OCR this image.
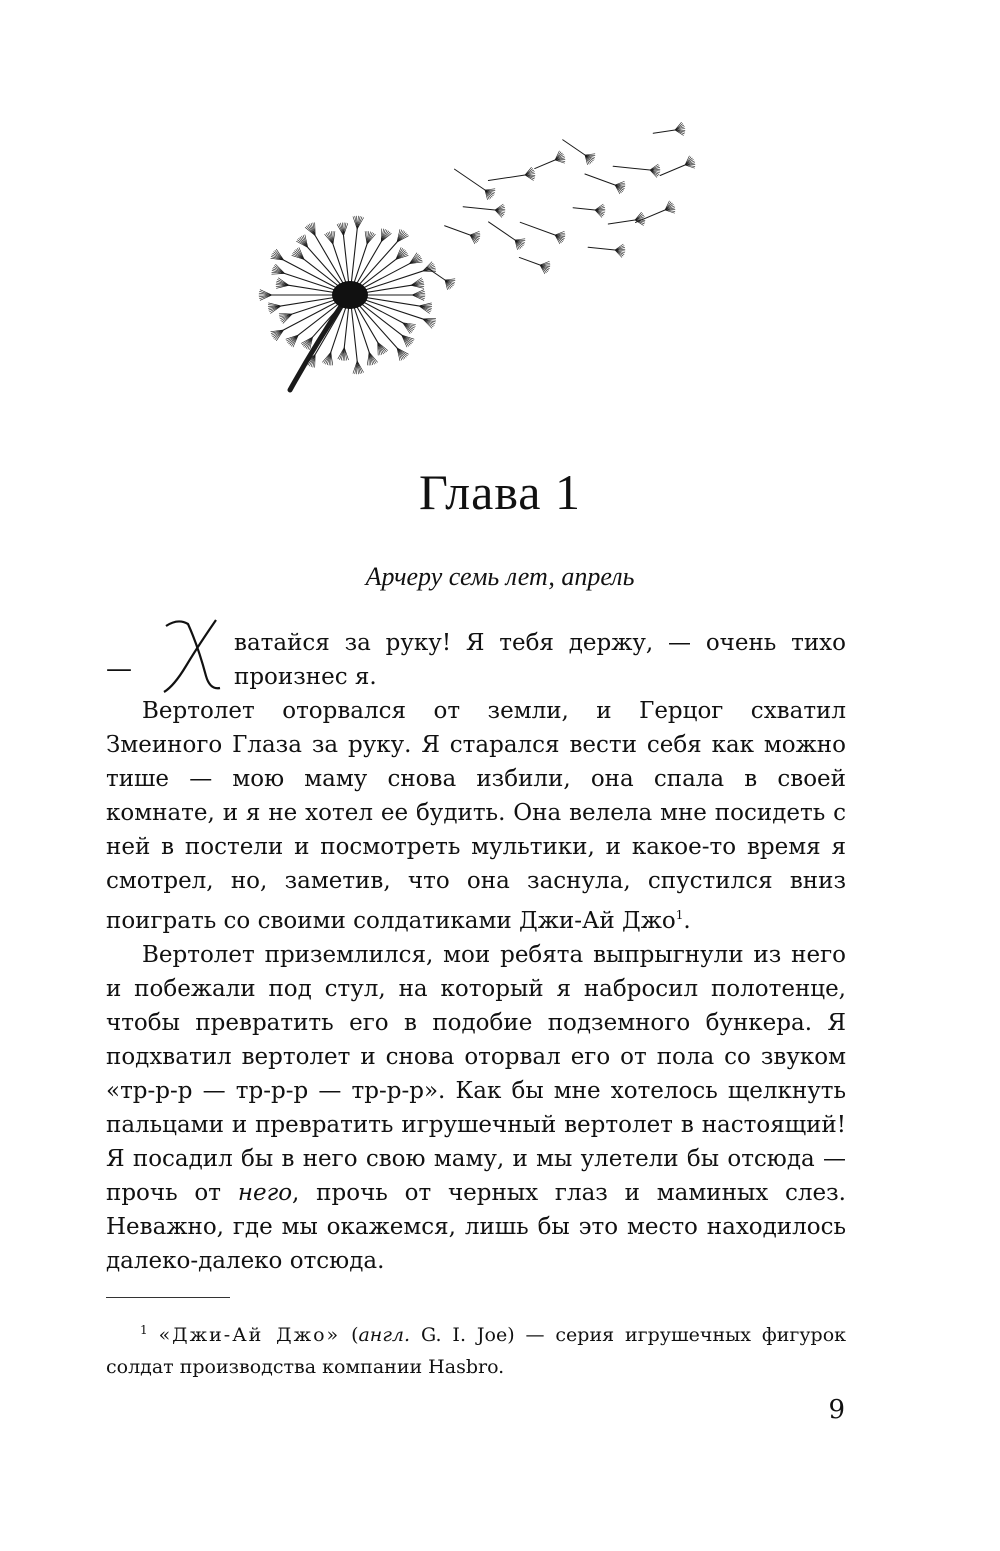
Глава 1
Арчеру семь лет, апрель
—
ватайся за руку! Я тебя держу, — очень тихо
произнес я.

Вертолет оторвался от земли, и Герцог схватил Змеиного Глаза за руку. Я старался вести себя как можно тише — мою маму снова избили, она спала в своей комнате, и я не хотел ее будить. Она велела мне посидеть с ней в постели и посмотреть мультики, и какое-то время я смотрел, но, заметив, что она заснула, спустился вниз поиграть со своими солдатиками Джи-Ай Джо$^1$.

Вертолет приземлился, мои ребята выпрыгнули из него и побежали под стул, на который я набросил полотенце, чтобы превратить его в подобие подземного бункера. Я подхватил вертолет и снова оторвал его от пола со звуком «тр-р-р — тр-р-р — тр-р-р». Как бы мне хотелось щелкнуть пальцами и превратить игрушечный вертолет в настоящий! Я посадил бы в него свою маму, и мы улетели бы отсюда — прочь от него, прочь от черных глаз и маминых слез. Неважно, где мы окажемся, лишь бы это место находилось далеко-далеко отсюда.

$^1$ «Джи-Ай Джо» (англ. G. I. Joe) — серия игрушечных фигурок солдат производства компании Hasbro.

9
